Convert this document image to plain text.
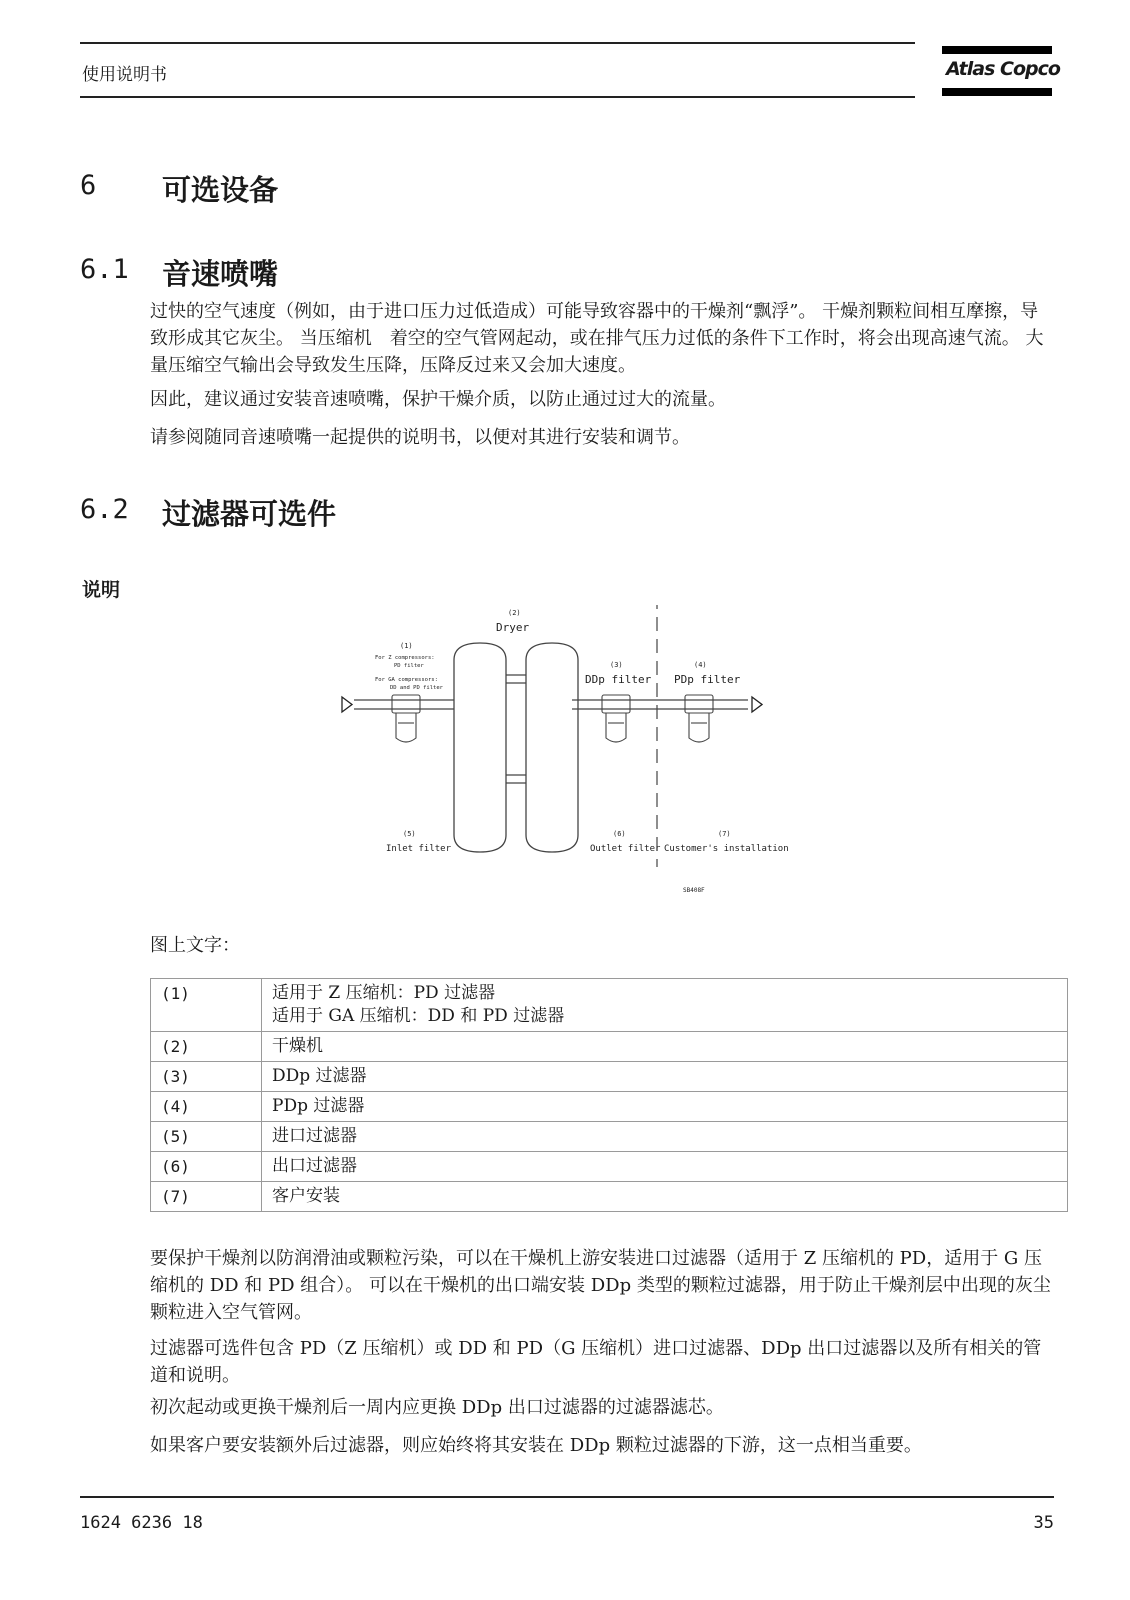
使用说明书	Atlas Copco
6 可选设备
6.1 音速喷嘴
过快的空气速度（例如，由于进口压力过低造成）可能导致容器中的干燥剂“飘浮”。 干燥剂颗粒间相互摩擦，导致形成其它灰尘。 当压缩机　着空的空气管网起动，或在排气压力过低的条件下工作时，将会出现高速气流。 大量压缩空气输出会导致发生压降，压降反过来又会加大速度。
因此，建议通过安装音速喷嘴，保护干燥介质，以防止通过过大的流量。
请参阅随同音速喷嘴一起提供的说明书，以便对其进行安装和调节。
6.2 过滤器可选件
说明
(1)
For Z compressors:
PD filter
For GA compressors:
DD and PD filter
(2)
Dryer
(3)
DDp filter
(4)
PDp filter
(5)
Inlet filter
(6)
Outlet filter
(7)
Customer's installation
SB408F
图上文字：
(1)	适用于 Z 压缩机：PD 过滤器
适用于 GA 压缩机：DD 和 PD 过滤器

(2)	干燥机
(3)	DDp 过滤器
(4)	PDp 过滤器
(5)	进口过滤器
(6)	出口过滤器
(7)	客户安装
要保护干燥剂以防润滑油或颗粒污染，可以在干燥机上游安装进口过滤器（适用于 Z 压缩机的 PD，适用于 G 压缩机的 DD 和 PD 组合）。 可以在干燥机的出口端安装 DDp 类型的颗粒过滤器，用于防止干燥剂层中出现的灰尘颗粒进入空气管网。
过滤器可选件包含 PD（Z 压缩机）或 DD 和 PD（G 压缩机）进口过滤器、DDp 出口过滤器以及所有相关的管道和说明。
初次起动或更换干燥剂后一周内应更换 DDp 出口过滤器的过滤器滤芯。
如果客户要安装额外后过滤器，则应始终将其安装在 DDp 颗粒过滤器的下游，这一点相当重要。
1624 6236 18	35
